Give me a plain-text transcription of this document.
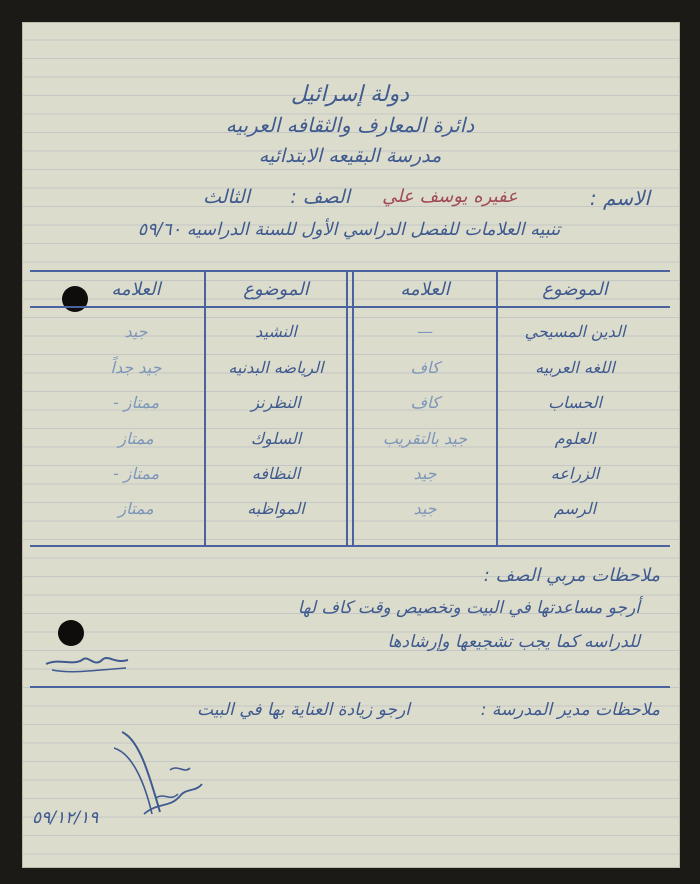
دولة إسرائيل
دائرة المعارف والثقافه العربيه
مدرسة البقيعه الابتدائيه
الاسم :
عفيره يوسف علي
الصف :
الثالث
تنبيه العلامات للفصل الدراسي الأول للسنة الدراسيه ٥٩/٦٠
الموضوع
العلامه
الموضوع
العلامه
الدين المسيحي
—
اللغه العربيه
كاف
الحساب
كاف
العلوم
جيد بالتقريب
الزراعه
جيد
الرسم
جيد
النشيد
جيد
الرياضه البدنيه
جيد جداً
النظرنز
ممتاز -
السلوك
ممتاز
النظافه
ممتاز -
المواظبه
ممتاز
ملاحظات مربي الصف :
أرجو مساعدتها في البيت وتخصيص وقت كاف لها
للدراسه كما يجب تشجيعها وإرشادها
ملاحظات مدير المدرسة :
ارجو زيادة العناية بها في البيت
٥٩/١٢/١٩
